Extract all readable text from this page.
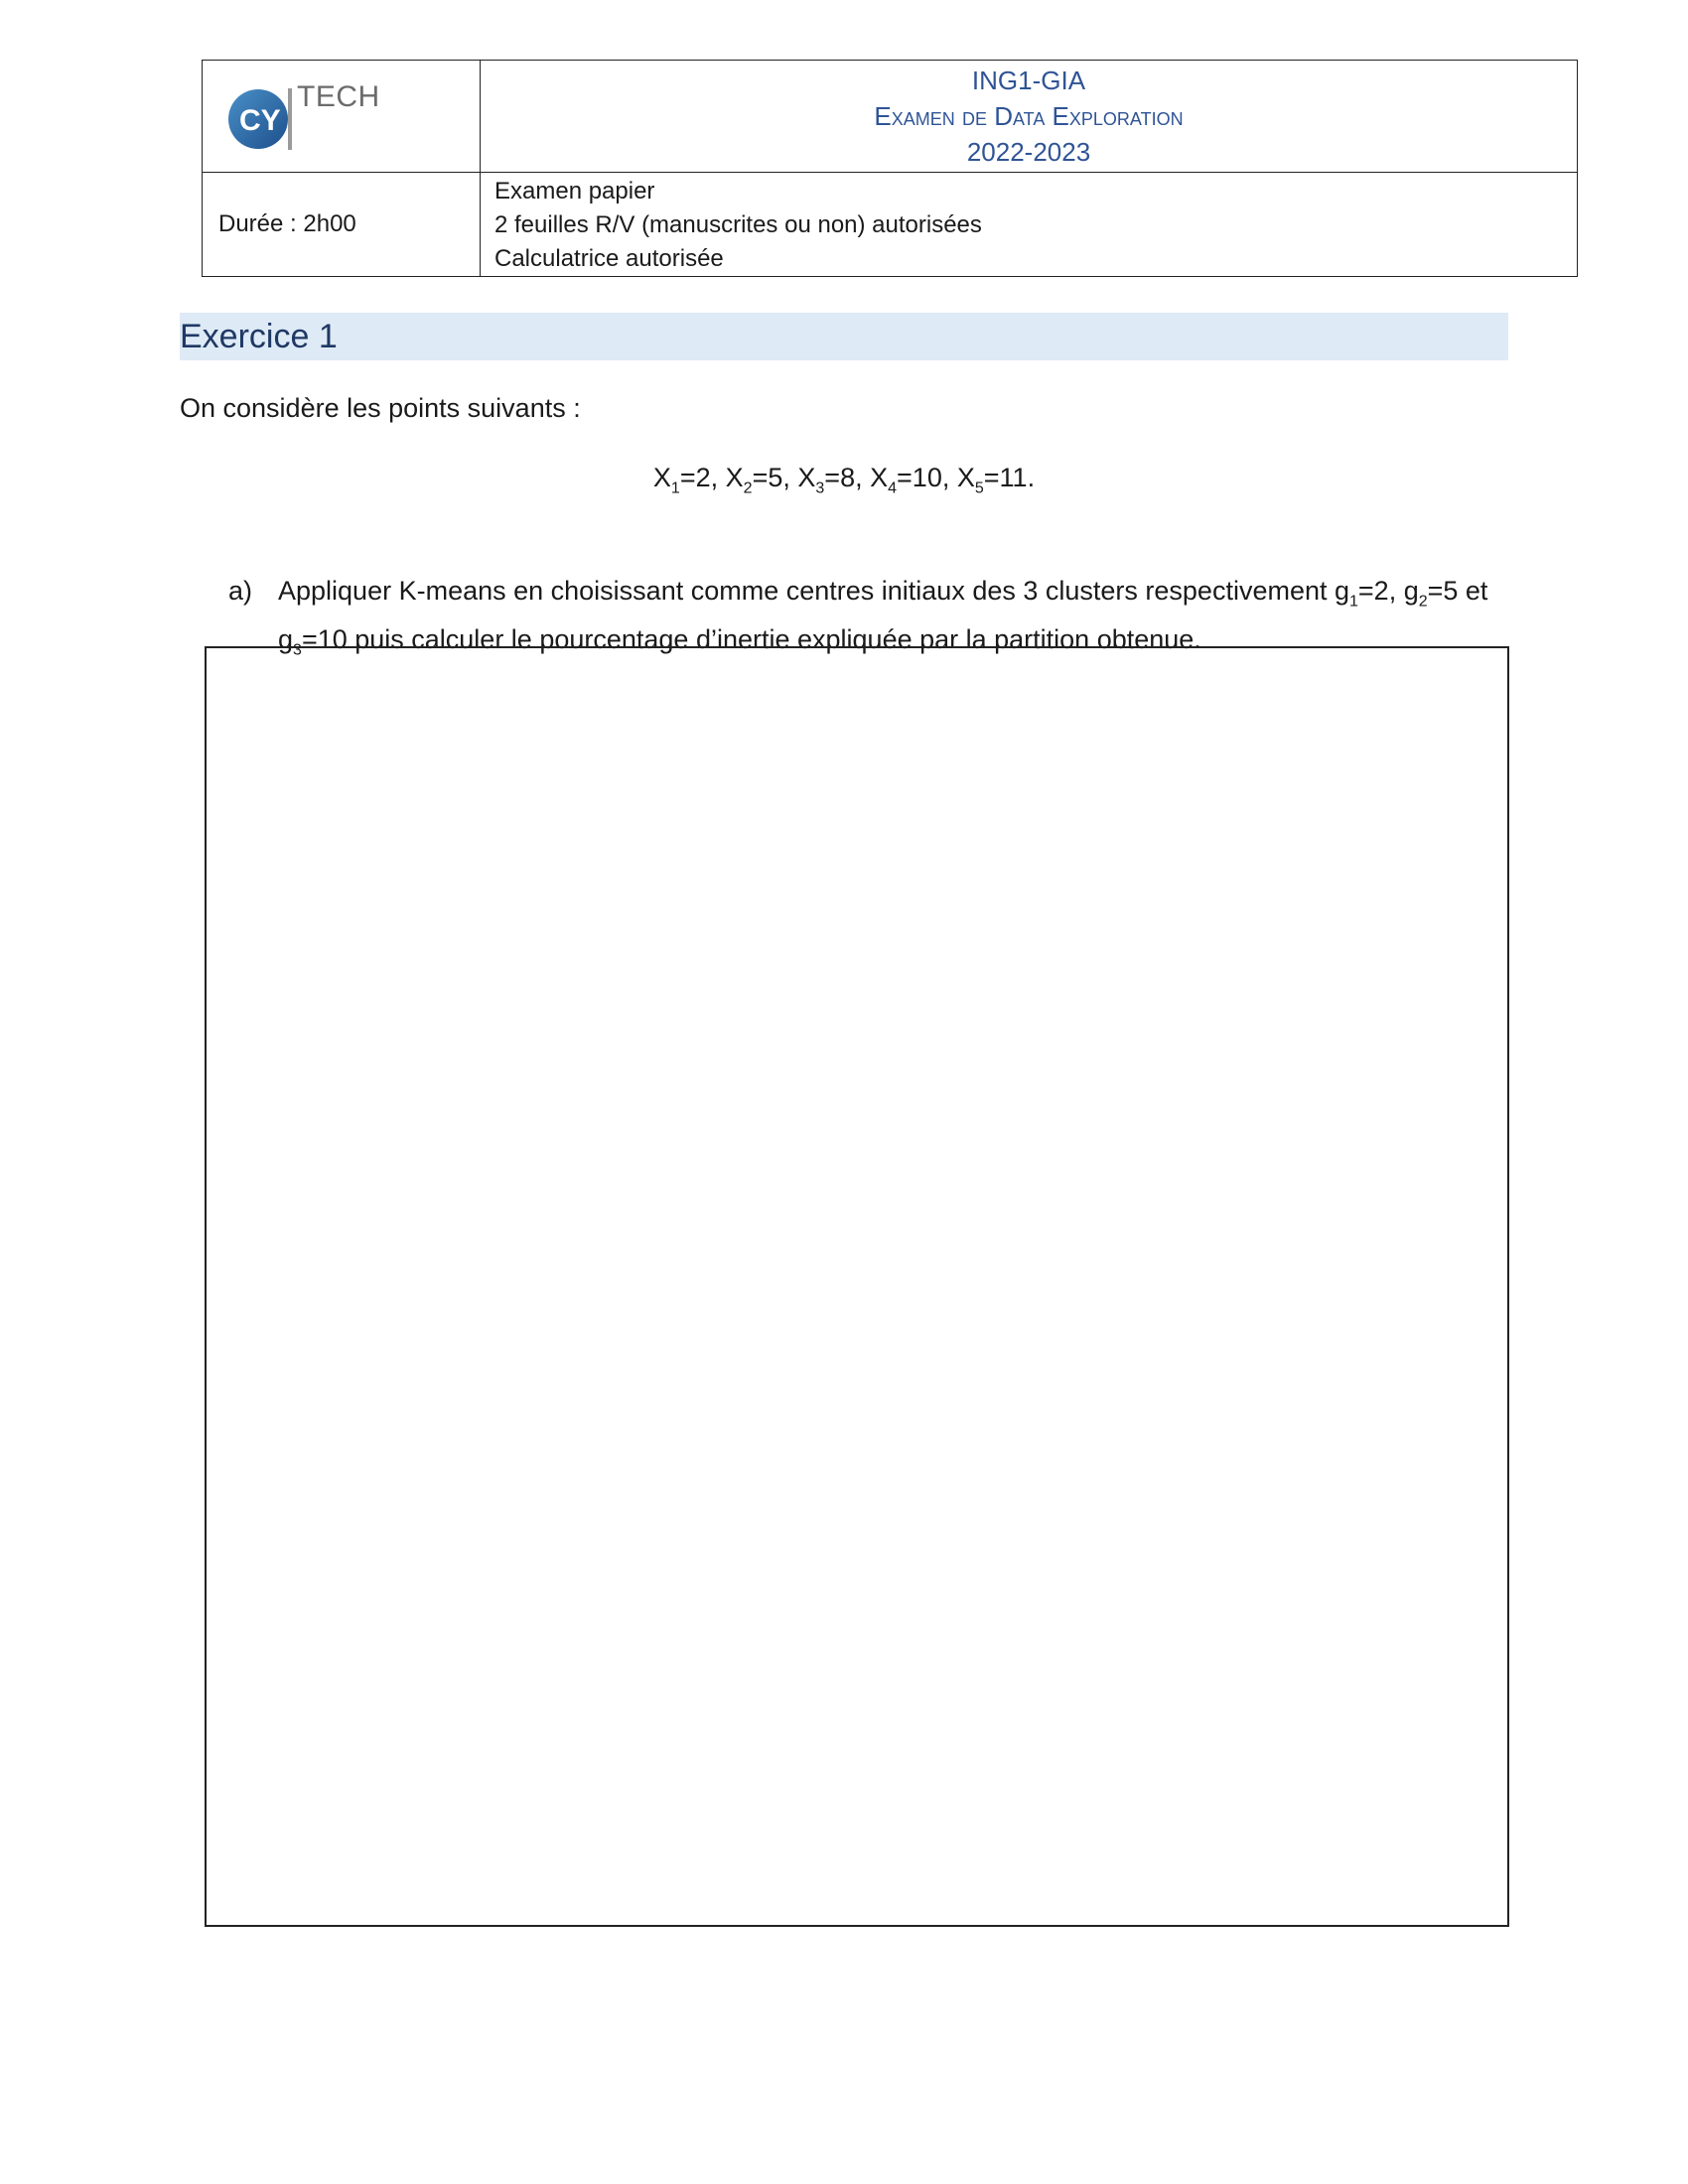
CY
TECH	ING1-GIA
Examen de Data Exploration
2022-2023

Durée : 2h00	Examen papier
2 feuilles R/V (manuscrites ou non) autorisées
Calculatrice autorisée
Exercice 1
On considère les points suivants :
$X_1=2$, $X_2=5$, $X_3=8$, $X_4=10$, $X_5=11$.
a) Appliquer K-means en choisissant comme centres initiaux des 3 clusters respectivement $g_1=2$, $g_2=5$ et $g_3=10$ puis calculer le pourcentage d’inertie expliquée par la partition obtenue.
